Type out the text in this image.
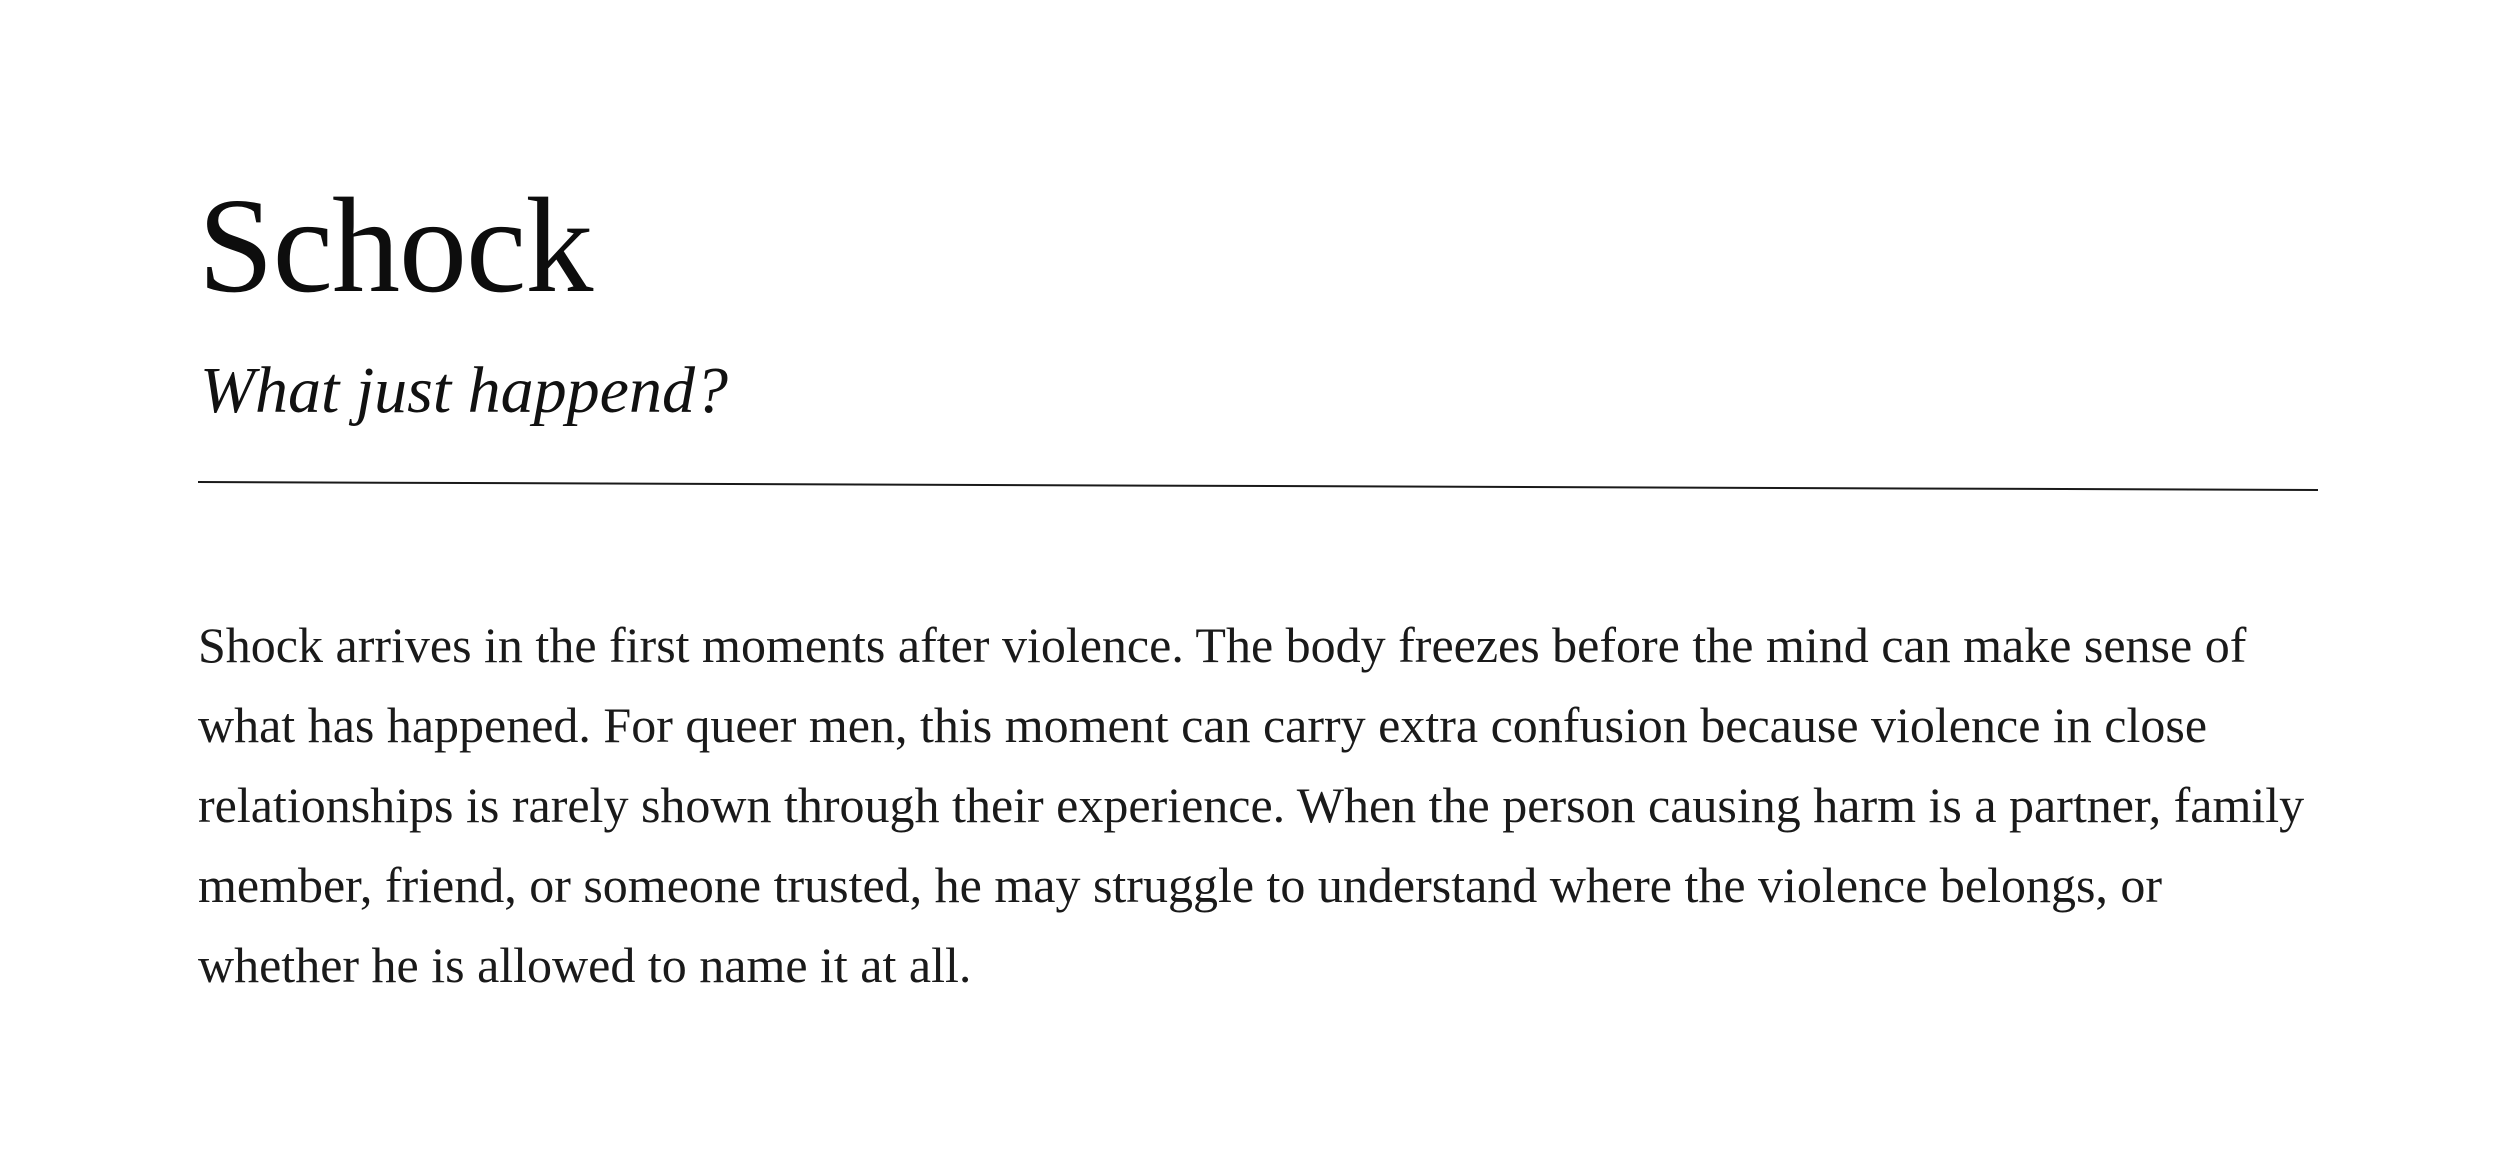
Schock
What just happend?

Shock arrives in the first moments after violence. The body freezes before the mind can make sense of what has happened. For queer men, this moment can carry extra confusion because violence in close relationships is rarely shown through their experience. When the person causing harm is a partner, family member, friend, or someone trusted, he may struggle to understand where the violence belongs, or whether he is allowed to name it at all.
